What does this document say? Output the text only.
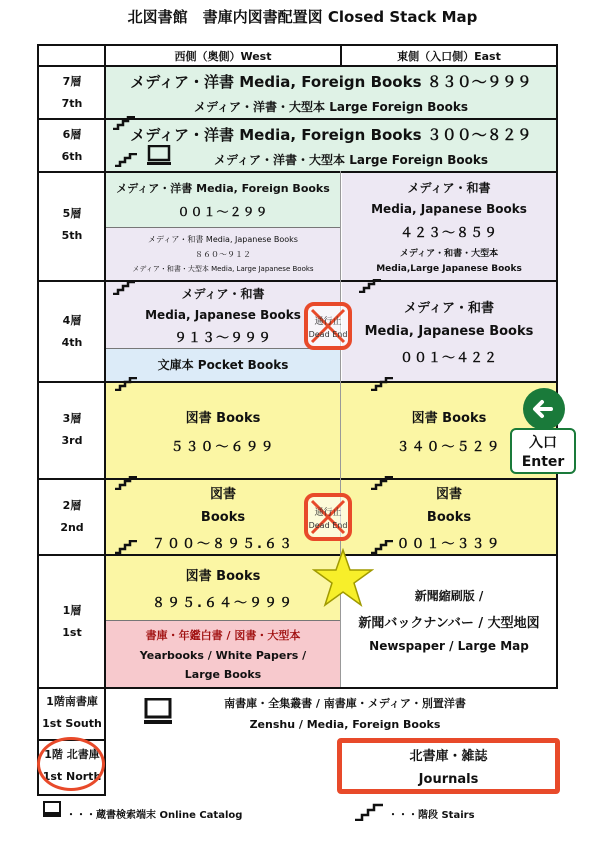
北図書館　書庫内図書配置図 Closed Stack Map
西側（奥側）West	東側（入口側）East
7層
7th
6層
6th
5層
5th
4層
4th
3層
3rd
2層
2nd
1層
1st
1階南書庫
1st South
1階 北書庫
1st North
メディア・洋書 Media, Foreign Books ８３０～９９９
メディア・洋書・大型本 Large Foreign Books
メディア・洋書 Media, Foreign Books ３００～８２９
メディア・洋書・大型本 Large Foreign Books
メディア・洋書 Media, Foreign Books
００１～２９９
メディア・和書 Media, Japanese Books
８６０～９１２
メディア・和書・大型本 Media, Large Japanese Books
メディア・和書
Media, Japanese Books
４２３～８５９
メディア・和書・大型本
Media,Large Japanese Books
メディア・和書
Media, Japanese Books
９１３～９９９
文庫本 Pocket Books
メディア・和書
Media, Japanese Books
００１～４２２
図書 Books
５３０～６９９
図書 Books
３４０～５２９
図書
Books
７００～８９５.６３
図書
Books
００１～３３９
図書 Books
８９５.６４～９９９
書庫・年鑑白書 / 図書・大型本
Yearbooks / White Papers /
Large Books
新聞縮刷版 /
新聞バックナンバー / 大型地図
Newspaper / Large Map
南書庫・全集叢書 / 南書庫・メディア・別置洋書
Zenshu / Media, Foreign Books
北書庫・雑誌
Journals
通行止
Dead End
通行止
Dead End
入口
Enter
・・・蔵書検索端末 Online Catalog	・・・階段 Stairs
